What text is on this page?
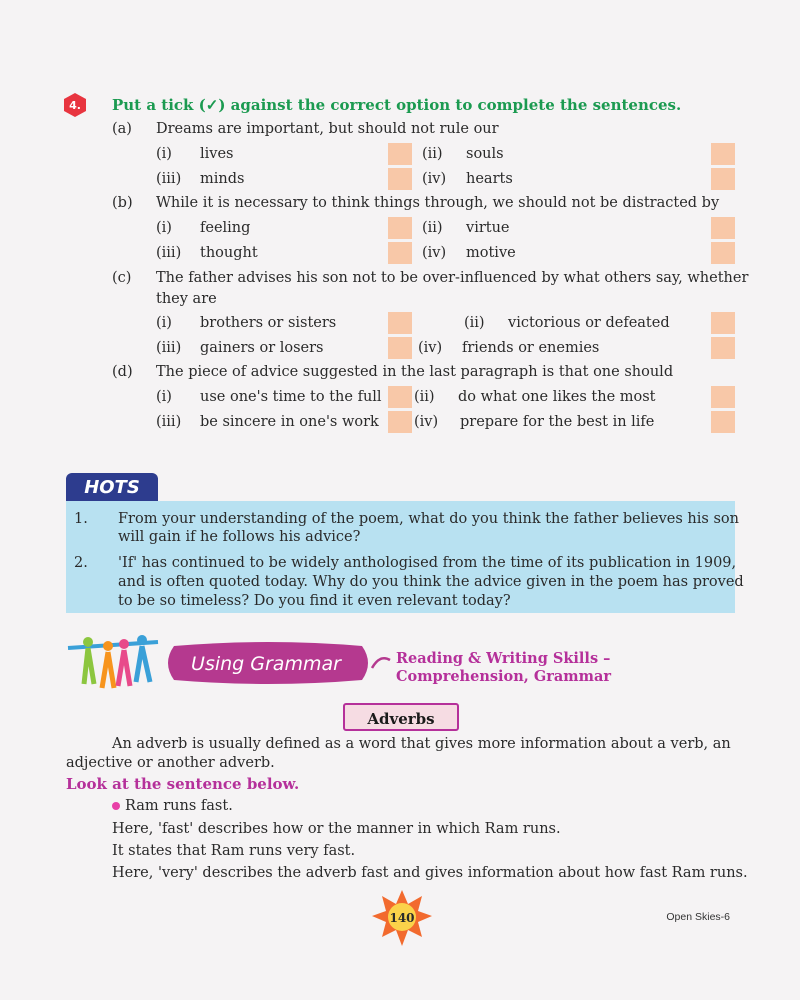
4. Put a tick (✓) against the correct option to complete the sentences.
(a) Dreams are important, but should not rule our
(i) lives	(ii) souls
(iii) minds	(iv) hearts
(b) While it is necessary to think things through, we should not be distracted by
(i) feeling	(ii) virtue
(iii) thought	(iv) motive
(c) The father advises his son not to be over-influenced by what others say, whether
they are
(i) brothers or sisters	(ii) victorious or defeated
(iii) gainers or losers	(iv) friends or enemies
(d) The piece of advice suggested in the last paragraph is that one should
(i) use one's time to the full (ii) do what one likes the most
(iii) be sincere in one's work (iv) prepare for the best in life
HOTS
1. From your understanding of the poem, what do you think the father believes his son
will gain if he follows his advice?
2. 'If' has continued to be widely anthologised from the time of its publication in 1909,
and is often quoted today. Why do you think the advice given in the poem has proved
to be so timeless? Do you find it even relevant today?
Using Grammar	Reading & Writing Skills –
Comprehension, Grammar
Adverbs
An adverb is usually defined as a word that gives more information about a verb, an
adjective or another adverb.
Look at the sentence below.
Ram runs fast.
Here, 'fast' describes how or the manner in which Ram runs.
It states that Ram runs very fast.
Here, 'very' describes the adverb fast and gives information about how fast Ram runs.
140	Open Skies-6
